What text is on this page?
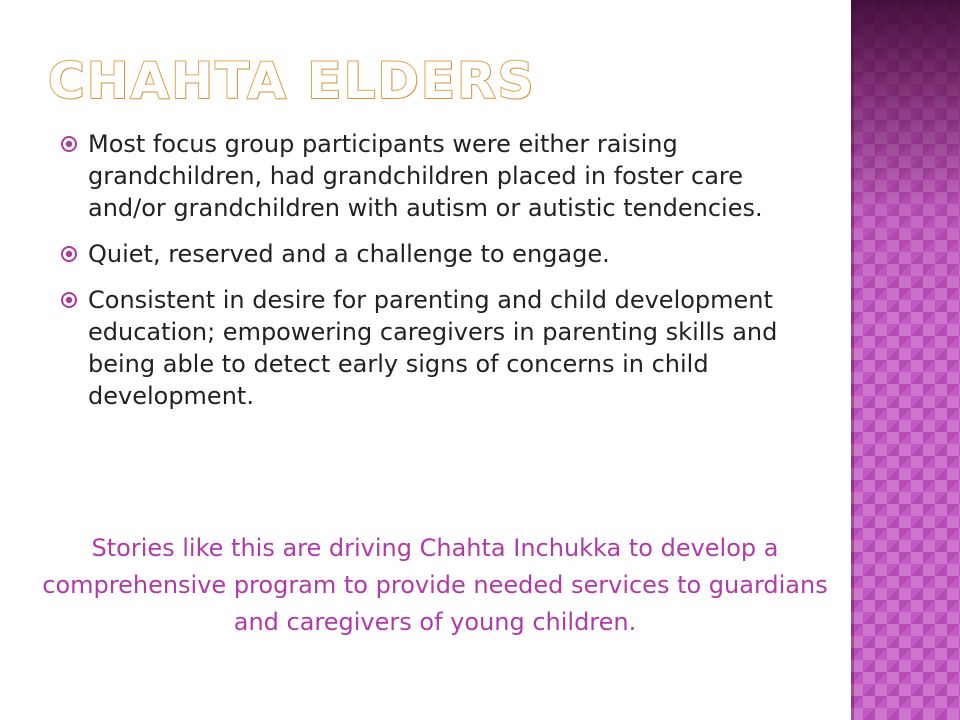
CHAHTA ELDERS
Most focus group participants were either raising grandchildren, had grandchildren placed in foster care and/or grandchildren with autism or autistic tendencies.
Quiet, reserved and a challenge to engage.
Consistent in desire for parenting and child development education; empowering caregivers in parenting skills and being able to detect early signs of concerns in child development.

Stories like this are driving Chahta Inchukka to develop a comprehensive program to provide needed services to guardians and caregivers of young children.
